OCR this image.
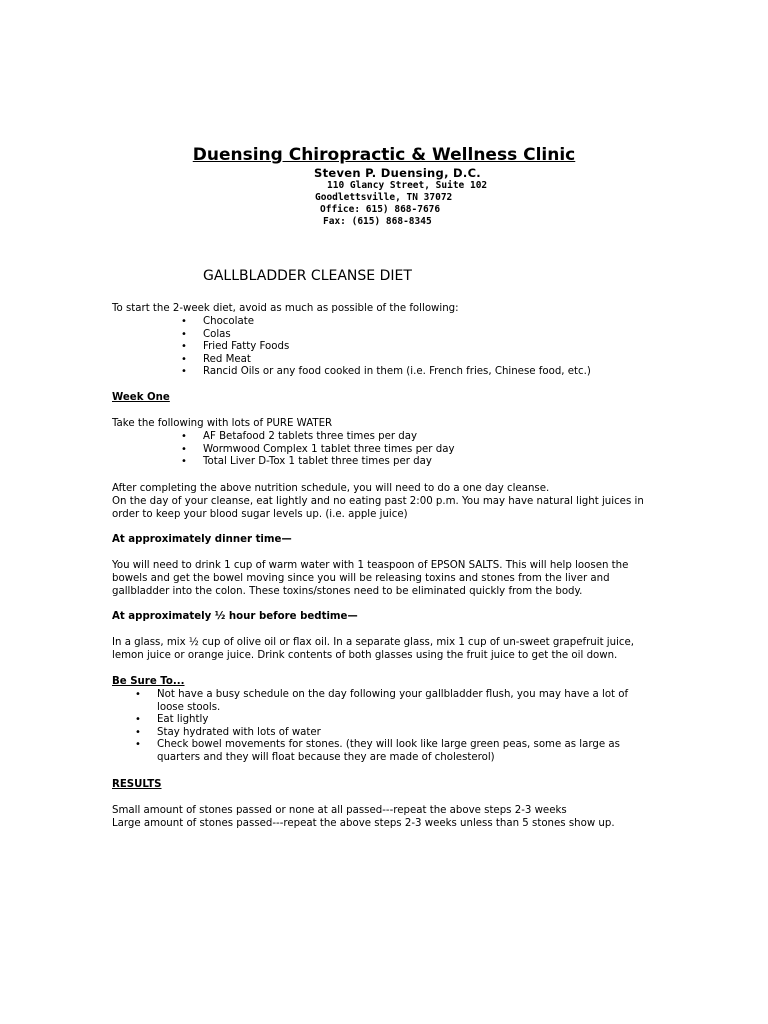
Duensing Chiropractic & Wellness Clinic
Steven P. Duensing, D.C.
110 Glancy Street, Suite 102
Goodlettsville, TN 37072
Office: 615) 868-7676
Fax: (615) 868-8345
GALLBLADDER CLEANSE DIET
To start the 2-week diet, avoid as much as possible of the following:
• Chocolate
• Colas
• Fried Fatty Foods
• Red Meat
• Rancid Oils or any food cooked in them (i.e. French fries, Chinese food, etc.)
Week One
Take the following with lots of PURE WATER
• AF Betafood 2 tablets three times per day
• Wormwood Complex 1 tablet three times per day
• Total Liver D-Tox 1 tablet three times per day
After completing the above nutrition schedule, you will need to do a one day cleanse.
On the day of your cleanse, eat lightly and no eating past 2:00 p.m. You may have natural light juices in
order to keep your blood sugar levels up. (i.e. apple juice)
At approximately dinner time—
You will need to drink 1 cup of warm water with 1 teaspoon of EPSON SALTS. This will help loosen the
bowels and get the bowel moving since you will be releasing toxins and stones from the liver and
gallbladder into the colon. These toxins/stones need to be eliminated quickly from the body.
At approximately ½ hour before bedtime—
In a glass, mix ½ cup of olive oil or flax oil. In a separate glass, mix 1 cup of un-sweet grapefruit juice,
lemon juice or orange juice. Drink contents of both glasses using the fruit juice to get the oil down.
Be Sure To...
• Not have a busy schedule on the day following your gallbladder flush, you may have a lot of loose stools.
• Eat lightly
• Stay hydrated with lots of water
• Check bowel movements for stones. (they will look like large green peas, some as large as quarters and they will float because they are made of cholesterol)
RESULTS
Small amount of stones passed or none at all passed---repeat the above steps 2-3 weeks
Large amount of stones passed---repeat the above steps 2-3 weeks unless than 5 stones show up.
